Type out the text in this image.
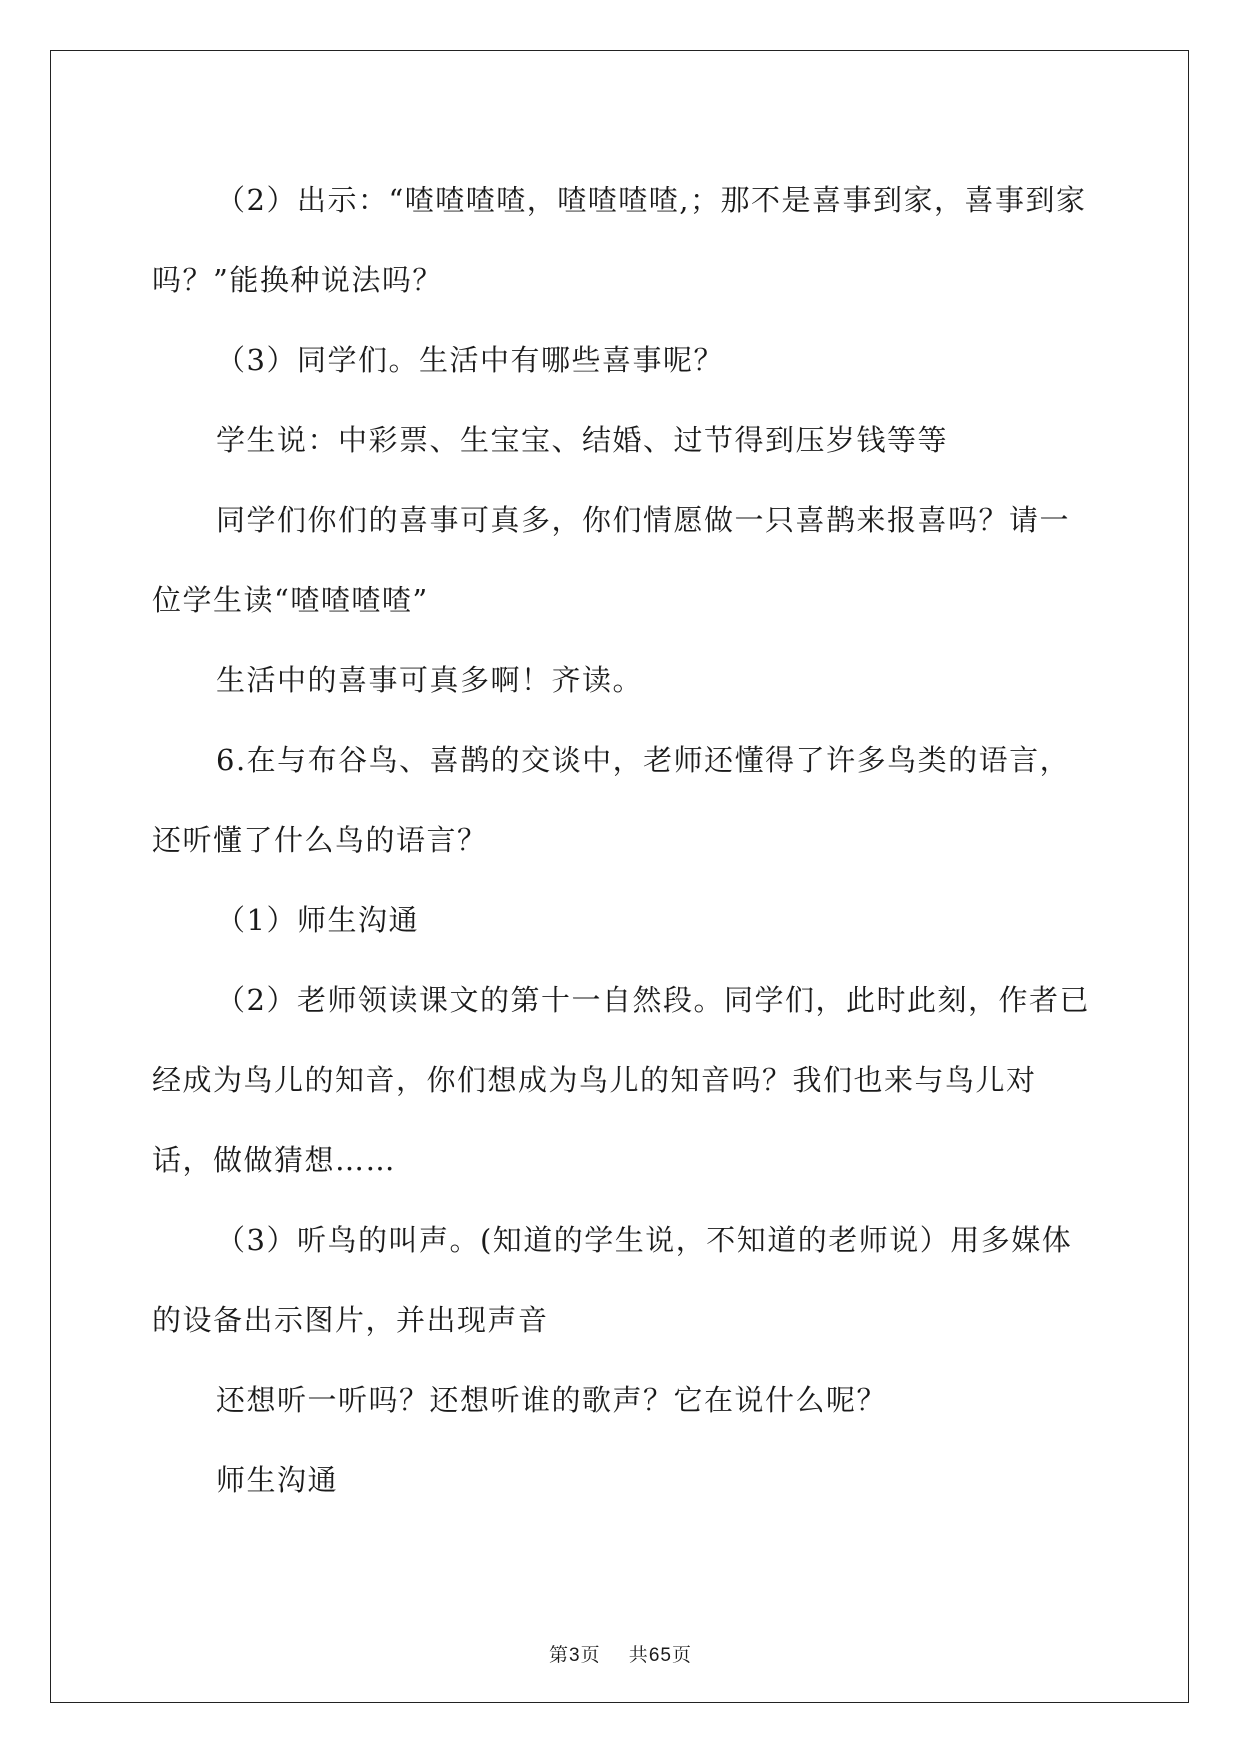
（2）出示：“喳喳喳喳，喳喳喳喳,；那不是喜事到家，喜事到家吗？”能换种说法吗？

（3）同学们。生活中有哪些喜事呢？

学生说：中彩票、生宝宝、结婚、过节得到压岁钱等等

同学们你们的喜事可真多，你们情愿做一只喜鹊来报喜吗？请一位学生读“喳喳喳喳”

生活中的喜事可真多啊！齐读。

6.在与布谷鸟、喜鹊的交谈中，老师还懂得了许多鸟类的语言，还听懂了什么鸟的语言？

（1）师生沟通

（2）老师领读课文的第十一自然段。同学们，此时此刻，作者已经成为鸟儿的知音，你们想成为鸟儿的知音吗？我们也来与鸟儿对话，做做猜想……

（3）听鸟的叫声。(知道的学生说，不知道的老师说）用多媒体的设备出示图片，并出现声音

还想听一听吗？还想听谁的歌声？它在说什么呢？

师生沟通

第3页 共65页
